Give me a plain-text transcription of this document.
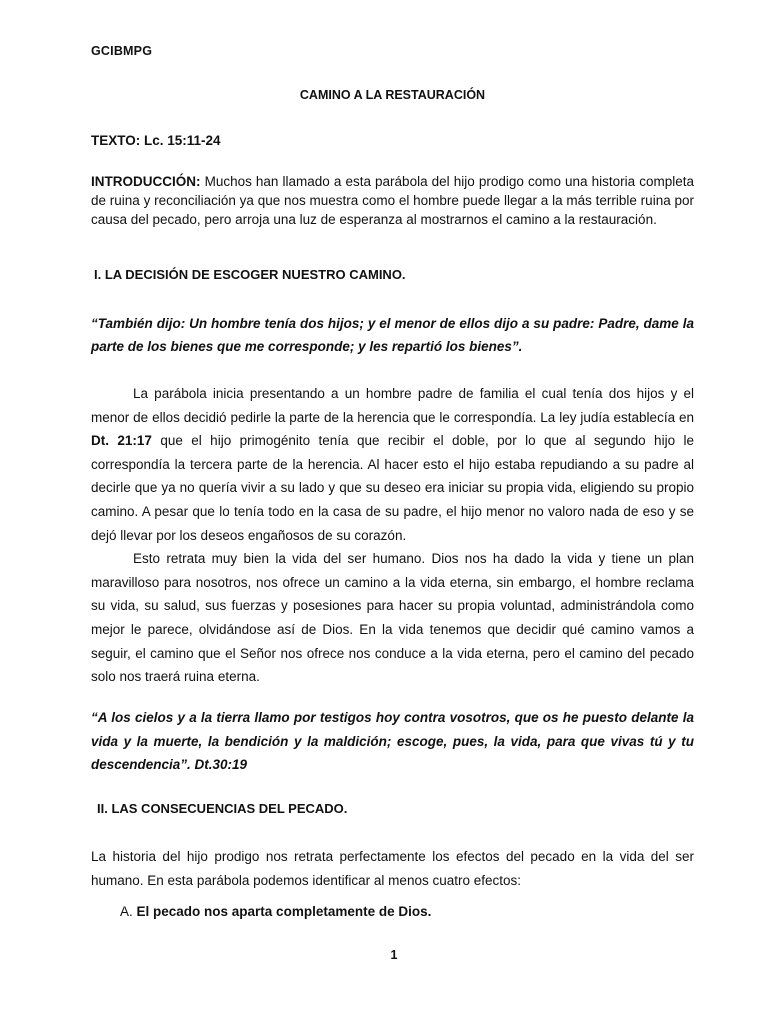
GCIBMPG
CAMINO A LA RESTAURACIÓN
TEXTO: Lc. 15:11-24
INTRODUCCIÓN: Muchos han llamado a esta parábola del hijo prodigo como una historia completa de ruina y reconciliación ya que nos muestra como el hombre puede llegar a la más terrible ruina por causa del pecado, pero arroja una luz de esperanza al mostrarnos el camino a la restauración.
I. LA DECISIÓN DE ESCOGER NUESTRO CAMINO.
“También dijo: Un hombre tenía dos hijos; y el menor de ellos dijo a su padre: Padre, dame la parte de los bienes que me corresponde; y les repartió los bienes”.

La parábola inicia presentando a un hombre padre de familia el cual tenía dos hijos y el menor de ellos decidió pedirle la parte de la herencia que le correspondía. La ley judía establecía en Dt. 21:17 que el hijo primogénito tenía que recibir el doble, por lo que al segundo hijo le correspondía la tercera parte de la herencia. Al hacer esto el hijo estaba repudiando a su padre al decirle que ya no quería vivir a su lado y que su deseo era iniciar su propia vida, eligiendo su propio camino. A pesar que lo tenía todo en la casa de su padre, el hijo menor no valoro nada de eso y se dejó llevar por los deseos engañosos de su corazón.

Esto retrata muy bien la vida del ser humano. Dios nos ha dado la vida y tiene un plan maravilloso para nosotros, nos ofrece un camino a la vida eterna, sin embargo, el hombre reclama su vida, su salud, sus fuerzas y posesiones para hacer su propia voluntad, administrándola como mejor le parece, olvidándose así de Dios. En la vida tenemos que decidir qué camino vamos a seguir, el camino que el Señor nos ofrece nos conduce a la vida eterna, pero el camino del pecado solo nos traerá ruina eterna.

“A los cielos y a la tierra llamo por testigos hoy contra vosotros, que os he puesto delante la vida y la muerte, la bendición y la maldición; escoge, pues, la vida, para que vivas tú y tu descendencia”. Dt.30:19
II. LAS CONSECUENCIAS DEL PECADO.
La historia del hijo prodigo nos retrata perfectamente los efectos del pecado en la vida del ser humano. En esta parábola podemos identificar al menos cuatro efectos:
A. El pecado nos aparta completamente de Dios.
1
